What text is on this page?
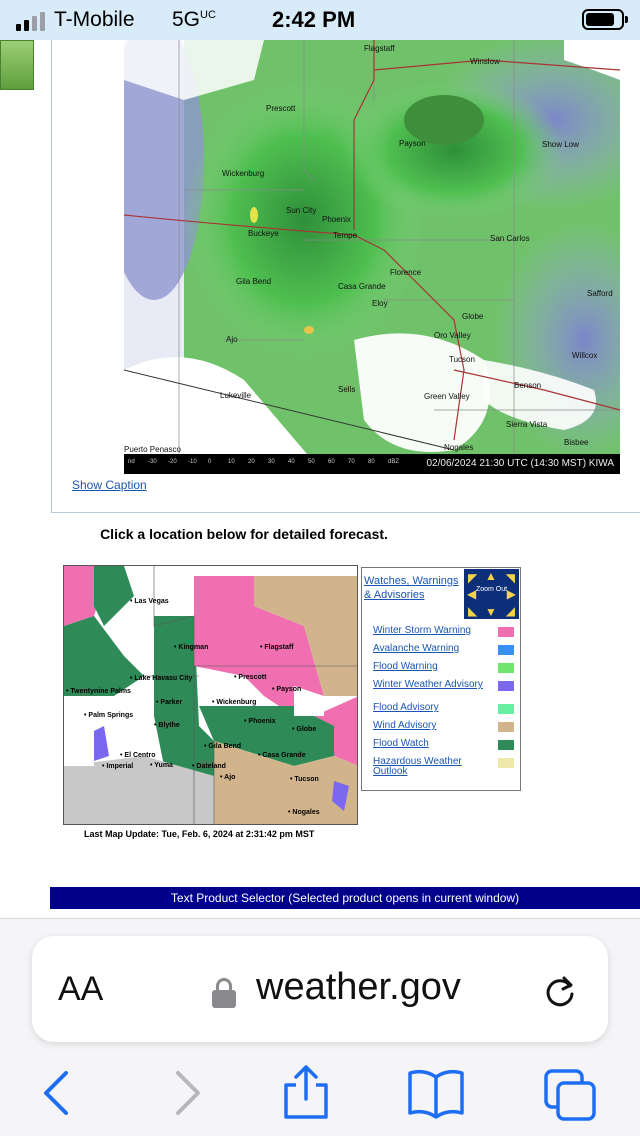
T-Mobile $5G^{UC}$	2:42 PM
nd	-30	-20	-10	0	10	20	30	40	50	60	70	80	dBZ	02/06/2024 21:30 UTC (14:30 MST) KIWA
Flagstaff
Winslow
Prescott
Payson	Show Low
Wickenburg
Sun City
Phoenix
Buckeye	Tempe	San Carlos
Florence
Gila Bend
Casa Grande
Eloy
Safford
Globe
Oro Valley
Ajo
Tucson	Willcox
Benson
Sells
Green Valley
Lukeville
Sierra Vista
Puerto Penasco	Nogales
Bisbee
Show Caption
Click a location below for detailed forecast.
• Las Vegas
• Kingman	• Flagstaff
• Lake Havasu City	• Prescott
• Twentynine Palms
• Parker
• Payson
• Wickenburg
• Palm Springs
• Blythe
• Phoenix
• Globe
• Gila Bend
• Casa Grande
• El Centro
• Imperial • Yuma	• Dateland
• Ajo	• Tucson
• Nogales
Last Map Update: Tue, Feb. 6, 2024 at 2:31:42 pm MST
Watches, Warnings & Advisories
◤ ▲ ◥
◀	▶
◣ ▼ ◢
Zoom Out
Winter Storm Warning
Avalanche Warning
Flood Warning
Winter Weather Advisory
Flood Advisory
Wind Advisory
Flood Watch
Hazardous Weather Outlook
Text Product Selector (Selected product opens in current window)
AA	weather.gov
